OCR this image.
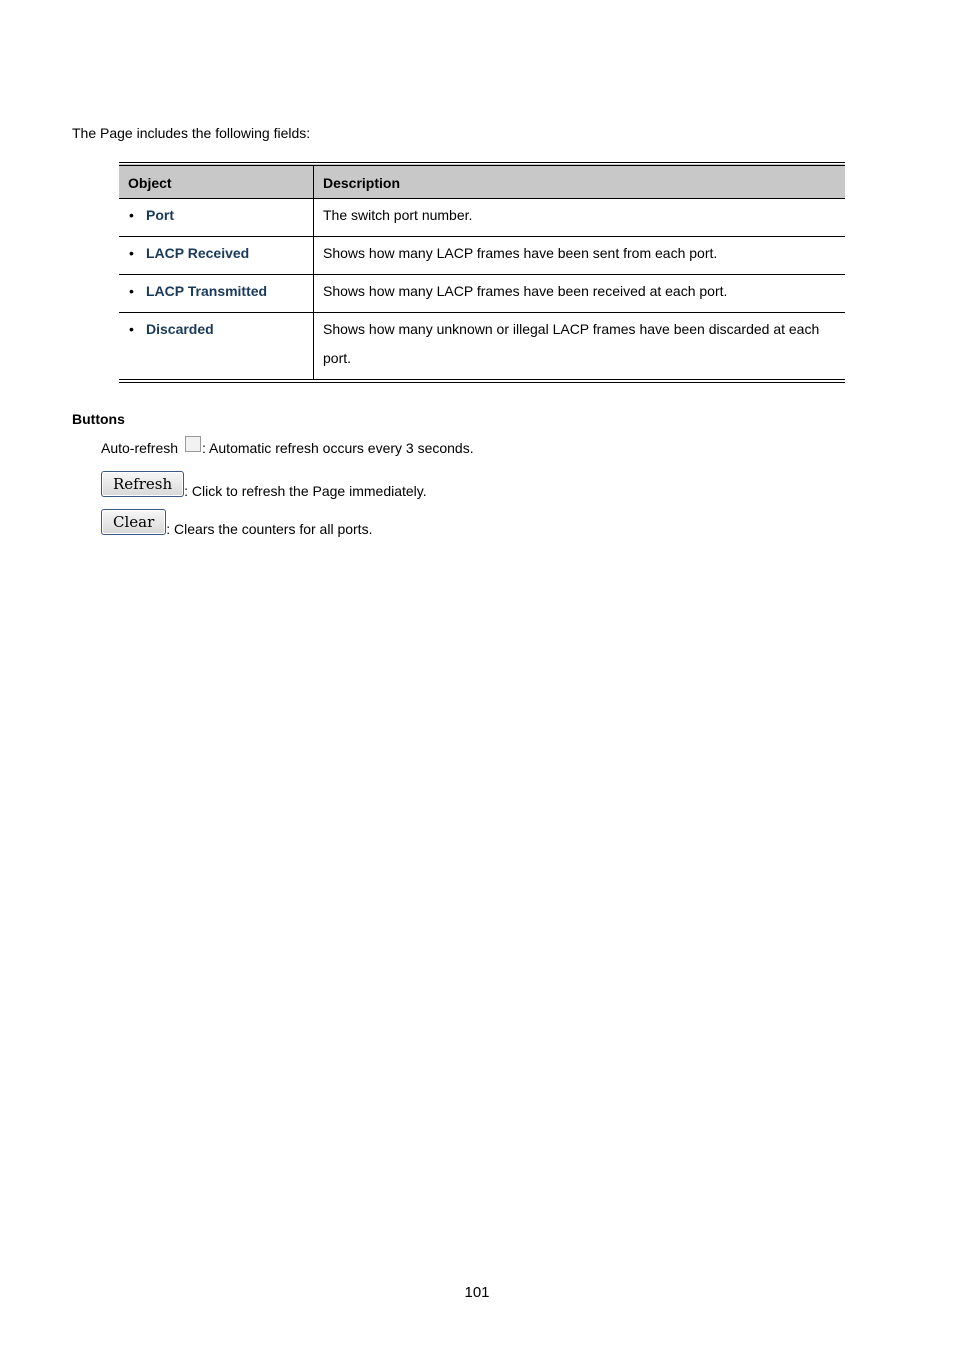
The Page includes the following fields:
Object	Description
• Port	The switch port number.
• LACP Received	Shows how many LACP frames have been sent from each port.
• LACP Transmitted	Shows how many LACP frames have been received at each port.
• Discarded	Shows how many unknown or illegal LACP frames have been discarded at each port.
Buttons
Auto-refresh : Automatic refresh occurs every 3 seconds.
Refresh : Click to refresh the Page immediately.
Clear : Clears the counters for all ports.
101
